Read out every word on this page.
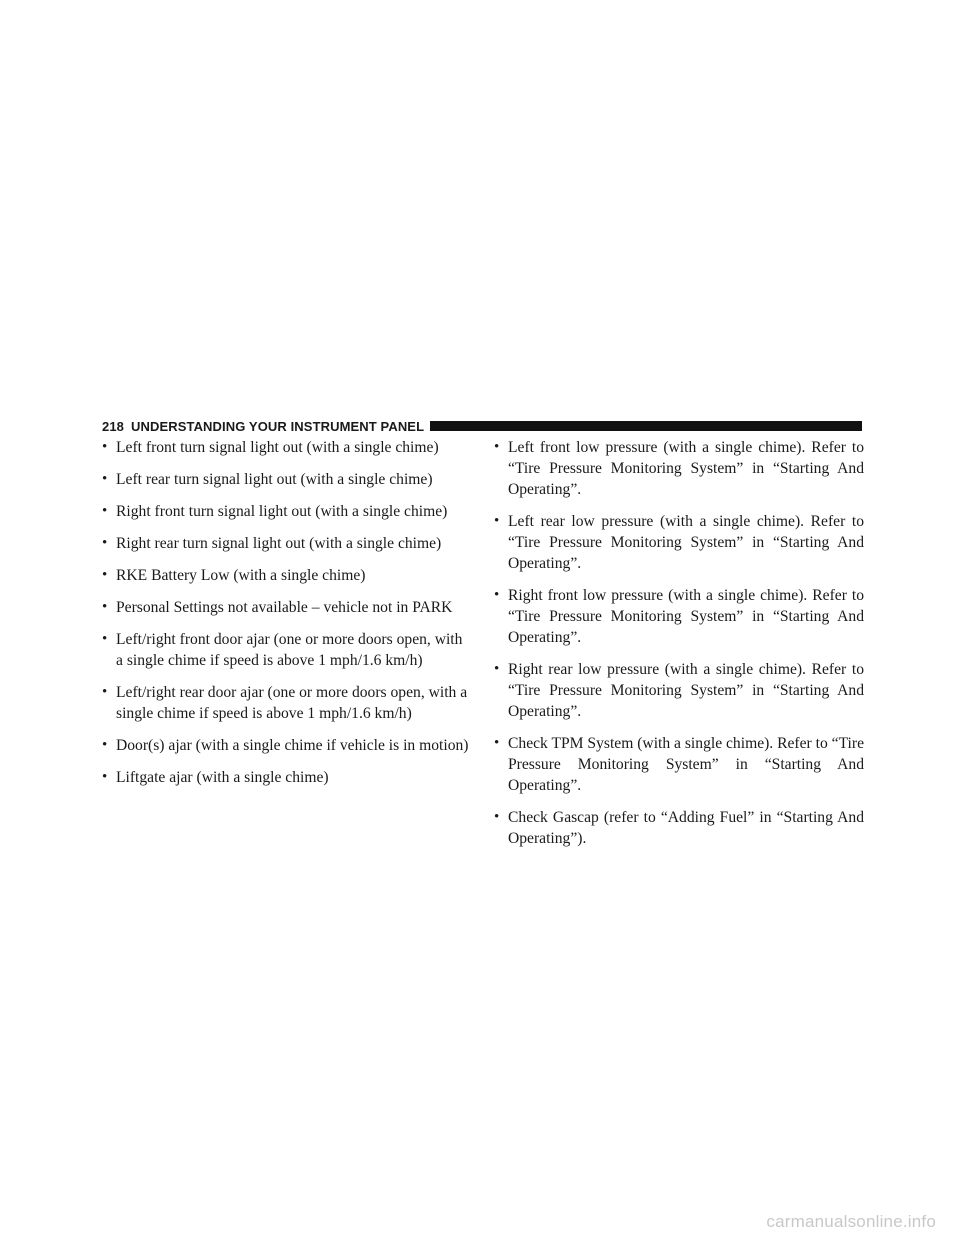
218 UNDERSTANDING YOUR INSTRUMENT PANEL
• Left front turn signal light out (with a single chime)
• Left rear turn signal light out (with a single chime)
• Right front turn signal light out (with a single chime)
• Right rear turn signal light out (with a single chime)
• RKE Battery Low (with a single chime)
• Personal Settings not available – vehicle not in PARK
• Left/right front door ajar (one or more doors open, with a single chime if speed is above 1 mph/1.6 km/h)
• Left/right rear door ajar (one or more doors open, with a single chime if speed is above 1 mph/1.6 km/h)
• Door(s) ajar (with a single chime if vehicle is in motion)
• Liftgate ajar (with a single chime)
• Left front low pressure (with a single chime). Refer to “Tire Pressure Monitoring System” in “Starting And Operating”.
• Left rear low pressure (with a single chime). Refer to “Tire Pressure Monitoring System” in “Starting And Operating”.
• Right front low pressure (with a single chime). Refer to “Tire Pressure Monitoring System” in “Starting And Operating”.
• Right rear low pressure (with a single chime). Refer to “Tire Pressure Monitoring System” in “Starting And Operating”.
• Check TPM System (with a single chime). Refer to “Tire Pressure Monitoring System” in “Starting And Operating”.
• Check Gascap (refer to “Adding Fuel” in “Starting And Operating”).
carmanualsonline.info
